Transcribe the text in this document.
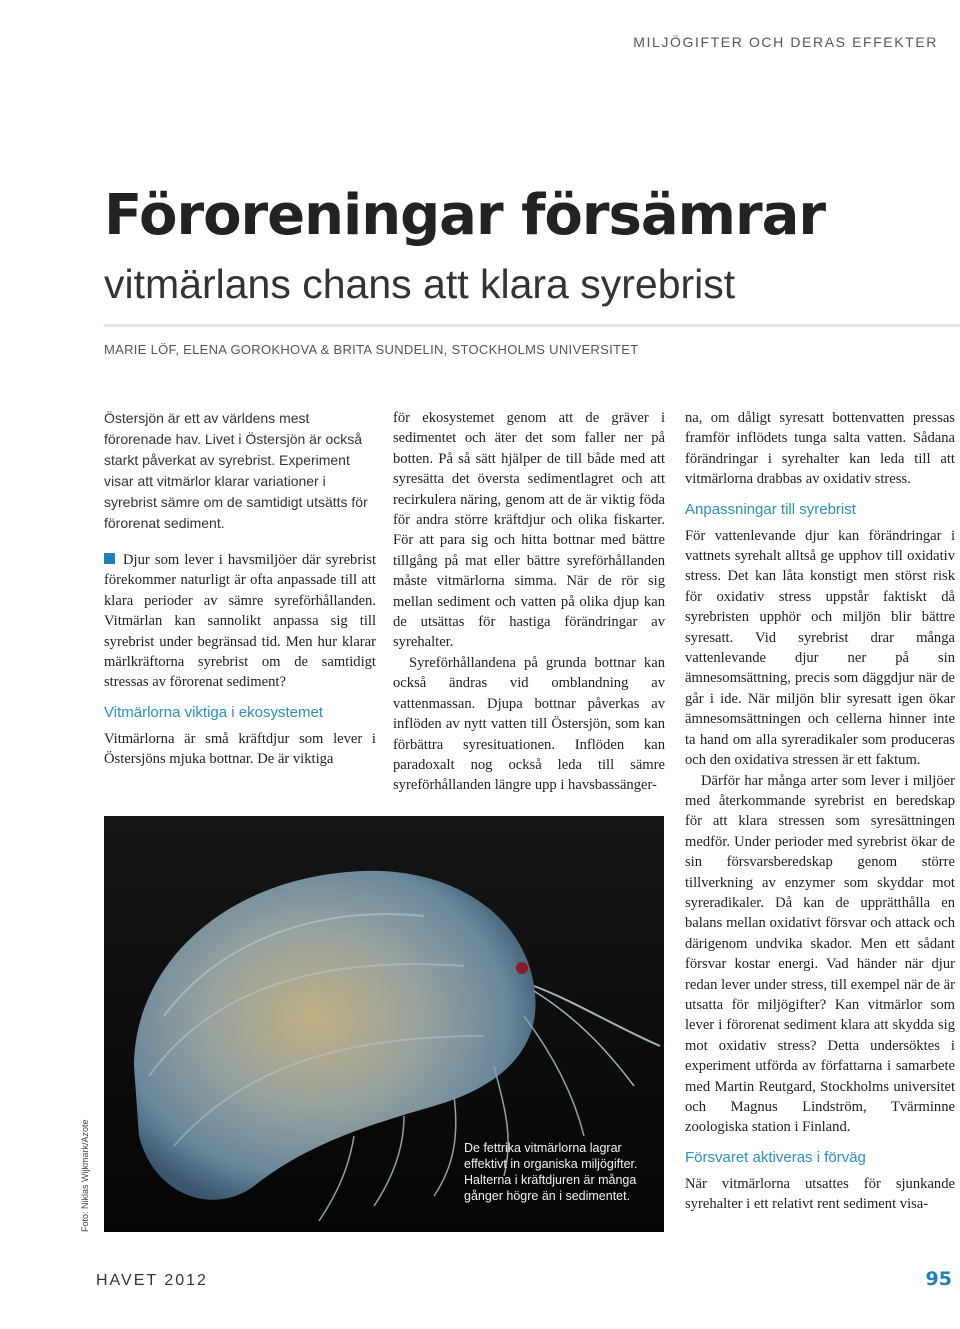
MILJÖGIFTER OCH DERAS EFFEKTER
Föroreningar försämrar
vitmärlans chans att klara syrebrist
MARIE LÖF, ELENA GOROKHOVA & BRITA SUNDELIN, STOCKHOLMS UNIVERSITET

Östersjön är ett av världens mest förorenade hav. Livet i Östersjön är också starkt påverkat av syrebrist. Experiment visar att vitmärlor klarar variationer i syrebrist sämre om de samtidigt utsätts för förorenat sediment.

Djur som lever i havsmiljöer där syrebrist förekommer naturligt är ofta anpassade till att klara perioder av sämre syreförhållanden. Vitmärlan kan sannolikt anpassa sig till syrebrist under begränsad tid. Men hur klarar märlkräftorna syrebrist om de samtidigt stressas av förorenat sediment?

Vitmärlorna viktiga i ekosystemet

Vitmärlorna är små kräftdjur som lever i Östersjöns mjuka bottnar. De är viktiga

för ekosystemet genom att de gräver i sedimentet och äter det som faller ner på botten. På så sätt hjälper de till både med att syresätta det översta sedimentlagret och att recirkulera näring, genom att de är viktig föda för andra större kräftdjur och olika fiskarter. För att para sig och hitta bottnar med bättre tillgång på mat eller bättre syreförhållanden måste vitmärlorna simma. När de rör sig mellan sediment och vatten på olika djup kan de utsättas för hastiga förändringar av syrehalter.

Syreförhållandena på grunda bottnar kan också ändras vid omblandning av vattenmassan. Djupa bottnar påverkas av inflöden av nytt vatten till Östersjön, som kan förbättra syresituationen. Inflöden kan paradoxalt nog också leda till sämre syreförhållanden längre upp i havsbassänger-

na, om dåligt syresatt bottenvatten pressas framför inflödets tunga salta vatten. Sådana förändringar i syrehalter kan leda till att vitmärlorna drabbas av oxidativ stress.

Anpassningar till syrebrist

För vattenlevande djur kan förändringar i vattnets syrehalt alltså ge upphov till oxidativ stress. Det kan låta konstigt men störst risk för oxidativ stress uppstår faktiskt då syrebristen upphör och miljön blir bättre syresatt. Vid syrebrist drar många vattenlevande djur ner på sin ämnesomsättning, precis som däggdjur när de går i ide. När miljön blir syresatt igen ökar ämnesomsättningen och cellerna hinner inte ta hand om alla syreradikaler som produceras och den oxidativa stressen är ett faktum.

Därför har många arter som lever i miljöer med återkommande syrebrist en beredskap för att klara stressen som syresättningen medför. Under perioder med syrebrist ökar de sin försvarsberedskap genom större tillverkning av enzymer som skyddar mot syreradikaler. Då kan de upprätthålla en balans mellan oxidativt försvar och attack och därigenom undvika skador. Men ett sådant försvar kostar energi. Vad händer när djur redan lever under stress, till exempel när de är utsatta för miljögifter? Kan vitmärlor som lever i förorenat sediment klara att skydda sig mot oxidativ stress? Detta undersöktes i experiment utförda av författarna i samarbete med Martin Reutgard, Stockholms universitet och Magnus Lindström, Tvärminne zoologiska station i Finland.

Försvaret aktiveras i förväg

När vitmärlorna utsattes för sjunkande syrehalter i ett relativt rent sediment visa-

De fettrika vitmärlorna lagrar effektivt in organiska miljögifter. Halterna i kräftdjuren är många gånger högre än i sedimentet.
Foto: Niklas Wijkmark/Azote
HAVET 2012	95
